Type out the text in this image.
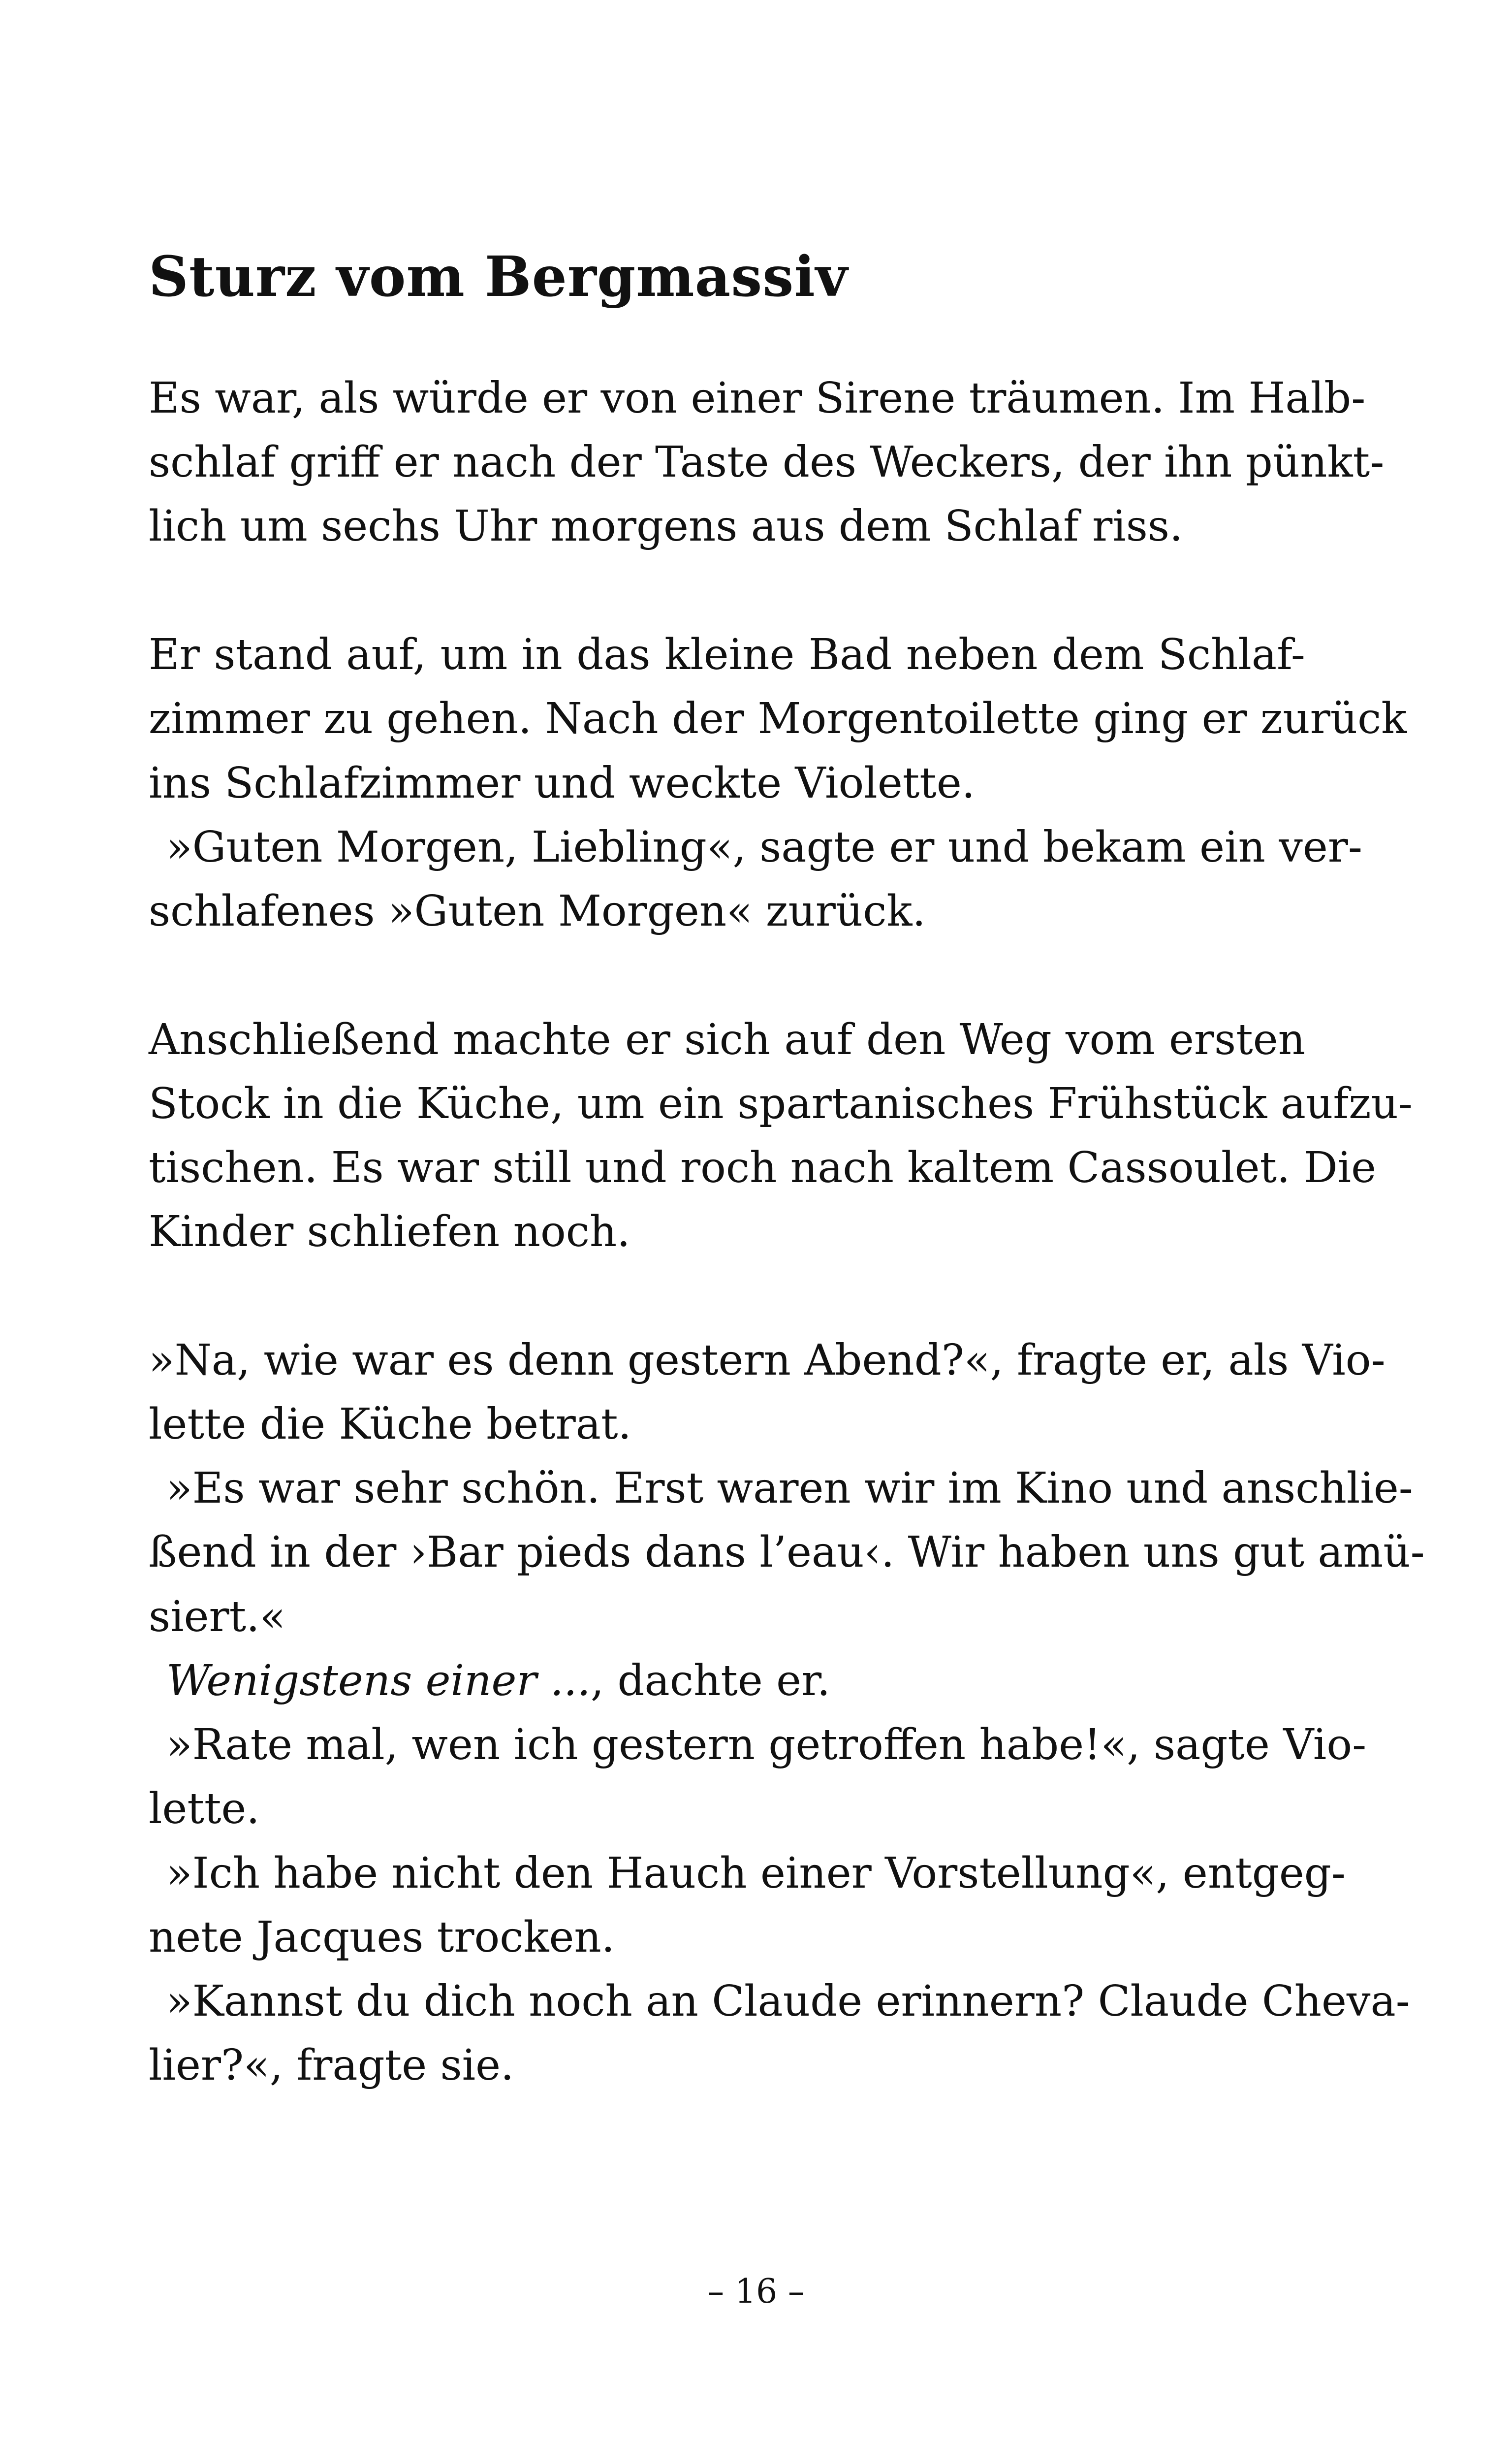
Sturz vom Bergmassiv
Es war, als würde er von einer Sirene träumen. Im Halb-
schlaf griff er nach der Taste des Weckers, der ihn pünkt-
lich um sechs Uhr morgens aus dem Schlaf riss.
Er stand auf, um in das kleine Bad neben dem Schlaf-
zimmer zu gehen. Nach der Morgentoilette ging er zurück
ins Schlafzimmer und weckte Violette.
»Guten Morgen, Liebling«, sagte er und bekam ein ver-
schlafenes »Guten Morgen« zurück.
Anschließend machte er sich auf den Weg vom ersten
Stock in die Küche, um ein spartanisches Frühstück aufzu-
tischen. Es war still und roch nach kaltem Cassoulet. Die
Kinder schliefen noch.
»Na, wie war es denn gestern Abend?«, fragte er, als Vio-
lette die Küche betrat.
»Es war sehr schön. Erst waren wir im Kino und anschlie-
ßend in der ›Bar pieds dans l’eau‹. Wir haben uns gut amü-
siert.«
Wenigstens einer ..., dachte er.
»Rate mal, wen ich gestern getroffen habe!«, sagte Vio-
lette.
»Ich habe nicht den Hauch einer Vorstellung«, entgeg-
nete Jacques trocken.
»Kannst du dich noch an Claude erinnern? Claude Cheva-
lier?«, fragte sie.
– 16 –
